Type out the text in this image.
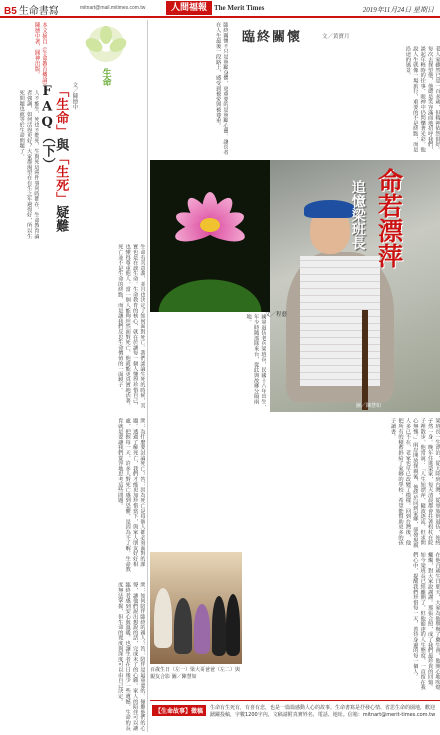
B5 生命書寫	mitnart@mail.mitimes.com.tw	人間福報	The Merit Times	2019年11月24日 星期日
生命
文／陳德中
「生命」與「生死」疑難FAQ（下）
本文摘自《生命教育概論》陳德中著，圓神出版。
人不能生、死也不能死，生與死這兩件事同時都在。生命教育論者強調，如何活得更好？大家都渴望在有生之年過得好，所以生死問題也就等於生命問題了。
生命有其意義，並且也決定了如何面對死亡。我們談論生死的時候，其實也是在談生命。生命教育的核心，就在於讓每一個人懂得珍惜自己，也懂得尊重他人。當一個人能夠坦然面對死亡，他就能更真實地活著。死亡並不是生命的終點，而是讓我們反思生命價值的一面鏡子。
問：為什麼要討論死亡？答：因為死亡是每個人都必須面對的課題。透過了解死亡，我們才能更加珍惜當下，與家人朋友好好相處，把握每一天。許多人對死亡感到恐懼，是因為不了解。生命教育就是要讓我們從容地思考這些問題。
問：如何陪伴臨終的親人？答：陪伴是最重要的。傾聽他們的心聲，讓他們說出想說的話，完成未了的心願。家人的陪伴可以讓臨終者感到安心與溫暖，也讓生者在日後少一些遺憾。生命的長度無法掌握，但生命的寬度與深度可以由自己決定。
臨終關懷	文／黃寶月
老人家雖然已是一百多歲，但精神依然很好。每次去探望他，他總是笑容滿面地招呼我們，談起年輕時的往事，眼神中仍閃爍著光彩。他說人生就像一場旅行，重要的不是終點，而是沿途的風景。
臨終關懷不只是照顧身體，更重要的是照顧心靈。讓長者在人生最後一段路上，感受到被愛與被尊重。
命若漂萍
追憶梁班長
圖／陳慧如
文／程藝
國軍退伍老兵梁班長，民國十八年出生，年少時隨部隊來台，從此與故鄉分隔兩地。
梁班長一生漂泊，從大陸到台灣，從軍旅到退伍，始終孑然一身。晚年住進榮家，每天清晨都會拄著枴杖在院子裡散步。他常說：「人生如漂萍，隨波逐流，但求問心無愧。」兩岸開放探親後，他終於回到家鄉，卻發現親人多已不在，老家也早已改變了模樣。回到台灣後，他把所有的積蓄捐給了家鄉的學校，希望能幫助更多的孩子讀書。
百歲生日（左一）梁大哥爸爸（左二）與親友合影 圖／陳慧如	在他百歲生日那天，大家為他舉辦了慶生會，他開心地吹熄蠟燭，對大家說謝謝。那張合照，成了我們最珍貴的回憶。如今梁班長已經離開了，但他豁達的人生態度，一直留在我們心中，提醒我們珍惜每一天，善待身邊的每一個人。
【生命故事】徵稿	生命有生死有，有喜有悲，也是一篇篇感動人心的故事。生命書寫是抒發心情、省思生命的園地，歡迎踴躍投稿，字數1200字內，文稿請附真實姓名、電話、地址。信箱：mitnart@merit-times.com.tw
